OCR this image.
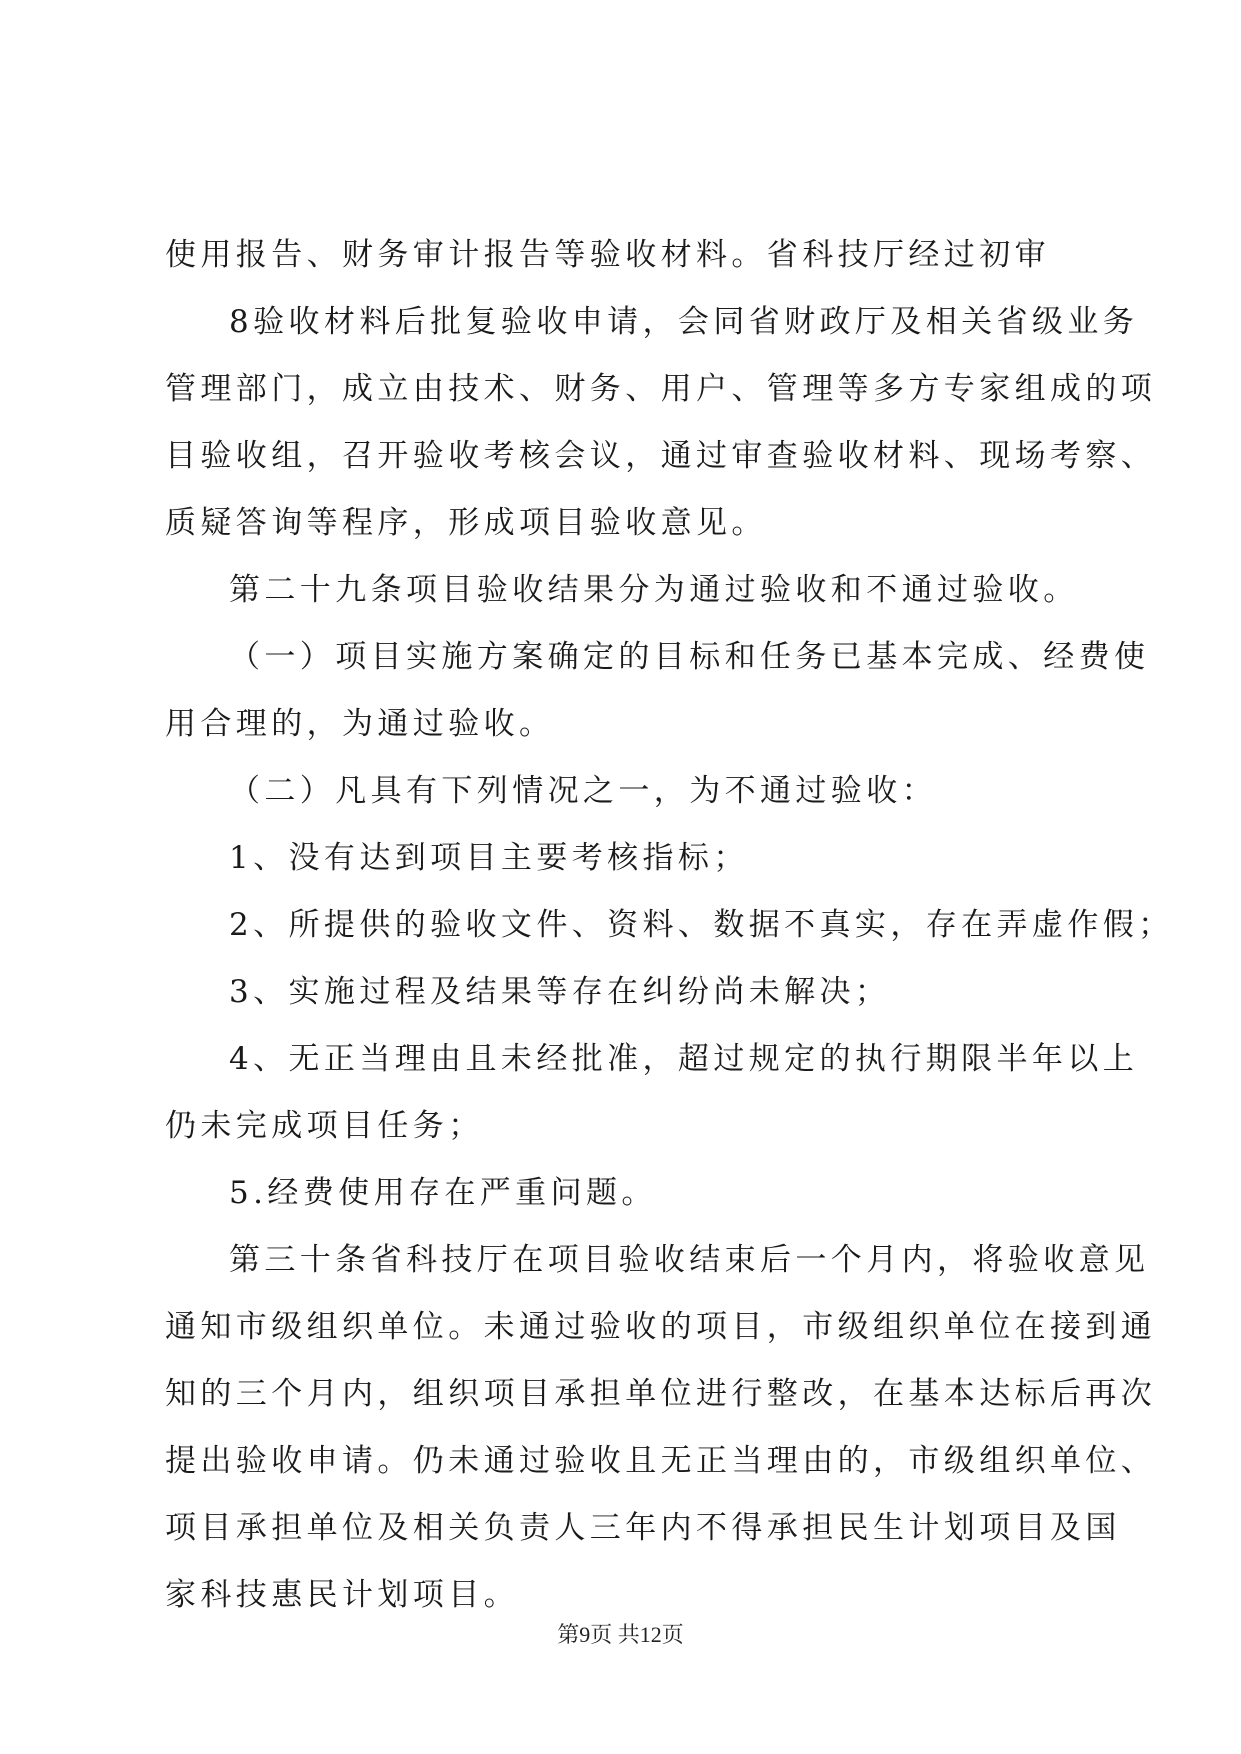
使用报告、财务审计报告等验收材料。省科技厅经过初审
8验收材料后批复验收申请，会同省财政厅及相关省级业务
管理部门，成立由技术、财务、用户、管理等多方专家组成的项
目验收组，召开验收考核会议，通过审查验收材料、现场考察、
质疑答询等程序，形成项目验收意见。
第二十九条项目验收结果分为通过验收和不通过验收。
（一）项目实施方案确定的目标和任务已基本完成、经费使
用合理的，为通过验收。
（二）凡具有下列情况之一，为不通过验收：
1、没有达到项目主要考核指标；
2、所提供的验收文件、资料、数据不真实，存在弄虚作假；
3、实施过程及结果等存在纠纷尚未解决；
4、无正当理由且未经批准，超过规定的执行期限半年以上
仍未完成项目任务；
5.经费使用存在严重问题。
第三十条省科技厅在项目验收结束后一个月内，将验收意见
通知市级组织单位。未通过验收的项目，市级组织单位在接到通
知的三个月内，组织项目承担单位进行整改，在基本达标后再次
提出验收申请。仍未通过验收且无正当理由的，市级组织单位、
项目承担单位及相关负责人三年内不得承担民生计划项目及国
家科技惠民计划项目。
第9页 共12页
